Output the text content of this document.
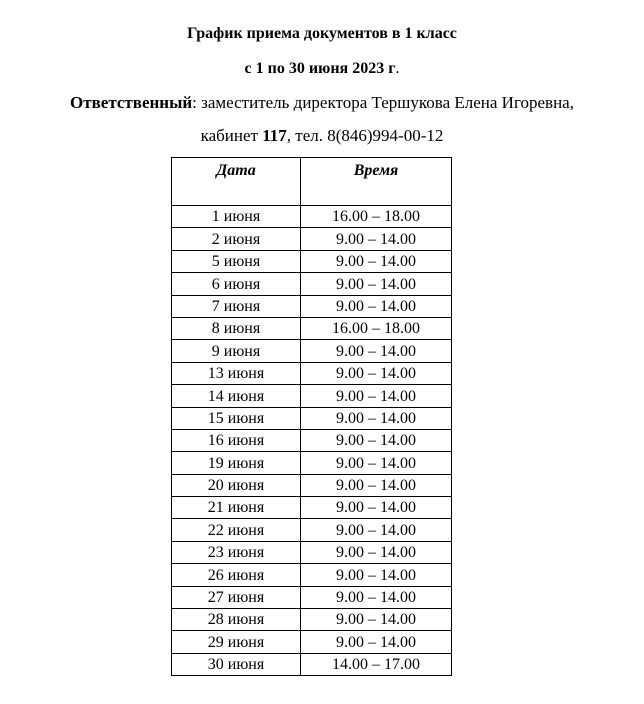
График приема документов в 1 класс
с 1 по 30 июня 2023 г.
Ответственный: заместитель директора Тершукова Елена Игоревна,
кабинет 117, тел. 8(846)994-00-12
Дата	Время
1 июня	16.00 – 18.00
2 июня	9.00 – 14.00
5 июня	9.00 – 14.00
6 июня	9.00 – 14.00
7 июня	9.00 – 14.00
8 июня	16.00 – 18.00
9 июня	9.00 – 14.00
13 июня	9.00 – 14.00
14 июня	9.00 – 14.00
15 июня	9.00 – 14.00
16 июня	9.00 – 14.00
19 июня	9.00 – 14.00
20 июня	9.00 – 14.00
21 июня	9.00 – 14.00
22 июня	9.00 – 14.00
23 июня	9.00 – 14.00
26 июня	9.00 – 14.00
27 июня	9.00 – 14.00
28 июня	9.00 – 14.00
29 июня	9.00 – 14.00
30 июня	14.00 – 17.00
